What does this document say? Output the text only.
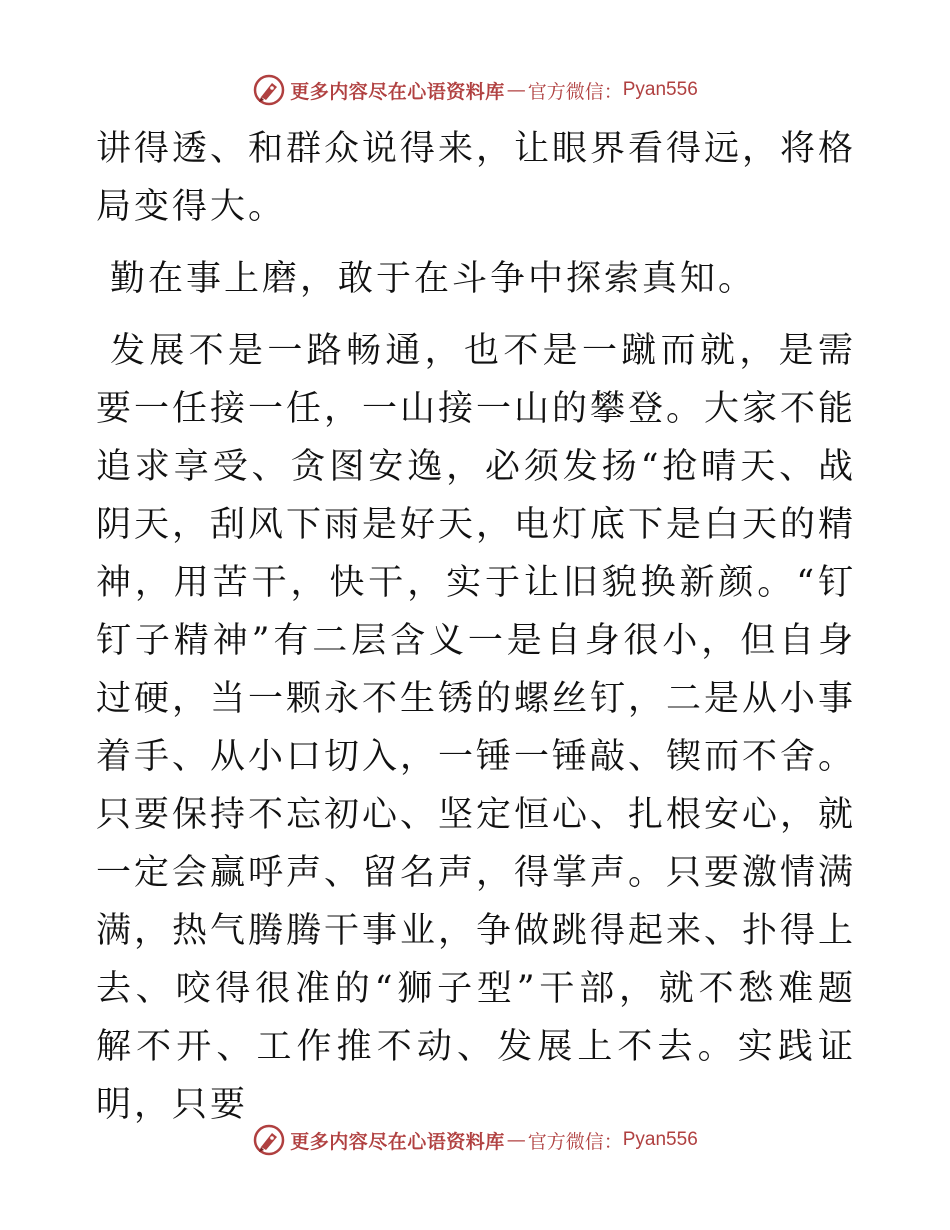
更多内容尽在心语资料库 — 官方微信： Pyan556

讲得透、和群众说得来，让眼界看得远，将格局变得大。

勤在事上磨，敢于在斗争中探索真知。

发展不是一路畅通，也不是一蹴而就，是需要一任接一任，一山接一山的攀登。大家不能追求享受、贪图安逸，必须发扬“抢晴天、战阴天，刮风下雨是好天，电灯底下是白天的精神，用苦干，快干，实于让旧貌换新颜。“钉钉子精神”有二层含义一是自身很小，但自身过硬，当一颗永不生锈的螺丝钉，二是从小事着手、从小口切入，一锤一锤敲、锲而不舍。只要保持不忘初心、坚定恒心、扎根安心，就一定会赢呼声、留名声，得掌声。只要激情满满，热气腾腾干事业，争做跳得起来、扑得上去、咬得很准的“狮子型”干部，就不愁难题解不开、工作推不动、发展上不去。实践证明，只要

更多内容尽在心语资料库 — 官方微信： Pyan556
